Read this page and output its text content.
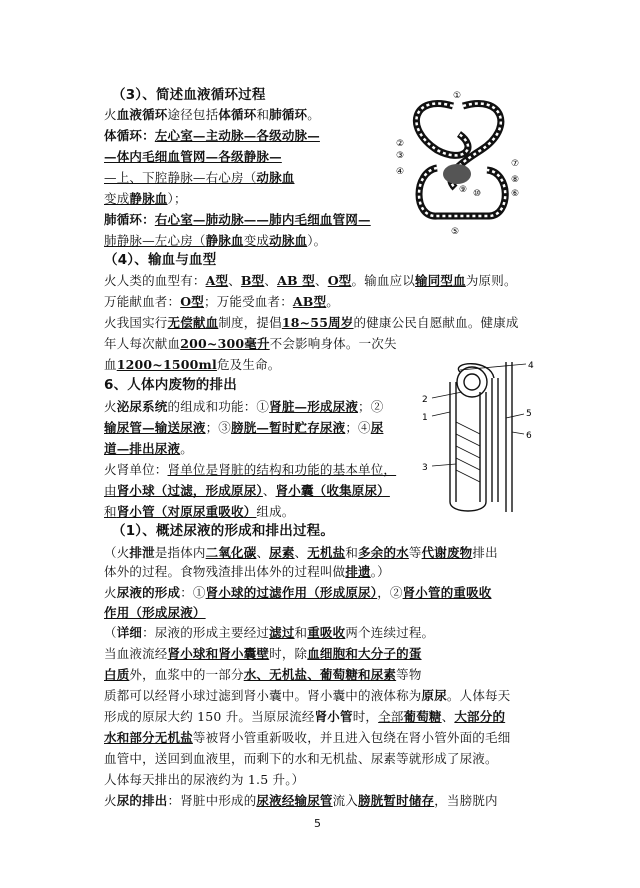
（3）、简述血液循环过程
火血液循环途径包括体循环和肺循环。
体循环：左心室—主动脉—各级动脉—
—体内毛细血管网—各级静脉—
—上、下腔静脉—右心房（动脉血
变成静脉血）；
肺循环：右心室—肺动脉——肺内毛细血管网—
肺静脉—左心房（静脉血变成动脉血）。
（4）、输血与血型
火人类的血型有：A型、B型、AB 型、O型。输血应以输同型血为原则。
万能献血者：O型；万能受血者：AB型。
火我国实行无偿献血制度，提倡18~55周岁的健康公民自愿献血。健康成
年人每次献血200~300毫升不会影响身体。一次失
血1200~1500ml危及生命。
6、人体内废物的排出
火泌尿系统的组成和功能：①肾脏—形成尿液；②
输尿管—输送尿液；③膀胱—暂时贮存尿液；④尿
道—排出尿液。
火肾单位：肾单位是肾脏的结构和功能的基本单位，
由肾小球（过滤，形成原尿）、肾小囊（收集原尿）
和肾小管（对原尿重吸收）组成。
（1）、概述尿液的形成和排出过程。
（火排泄是指体内二氧化碳、尿素、无机盐和多余的水等代谢废物排出
体外的过程。食物残渣排出体外的过程叫做排遗。）
火尿液的形成：①肾小球的过滤作用（形成原尿），②肾小管的重吸收
作用（形成尿液）
（详细：尿液的形成主要经过滤过和重吸收两个连续过程。
当血液流经肾小球和肾小囊壁时，除血细胞和大分子的蛋
白质外，血浆中的一部分水、无机盐、葡萄糖和尿素等物
质都可以经肾小球过滤到肾小囊中。肾小囊中的液体称为原尿。人体每天
形成的原尿大约 150 升。当原尿流经肾小管时，全部葡萄糖、大部分的
水和部分无机盐等被肾小管重新吸收，并且进入包绕在肾小管外面的毛细
血管中，送回到血液里，而剩下的水和无机盐、尿素等就形成了尿液。
人体每天排出的尿液约为 1.5 升。）
火尿的排出：肾脏中形成的尿液经输尿管流入膀胱暂时储存，当膀胱内
①
②
③
④
⑤
⑥
⑦
⑧
⑨ ⑩
4
2
1	5
6
3
5
